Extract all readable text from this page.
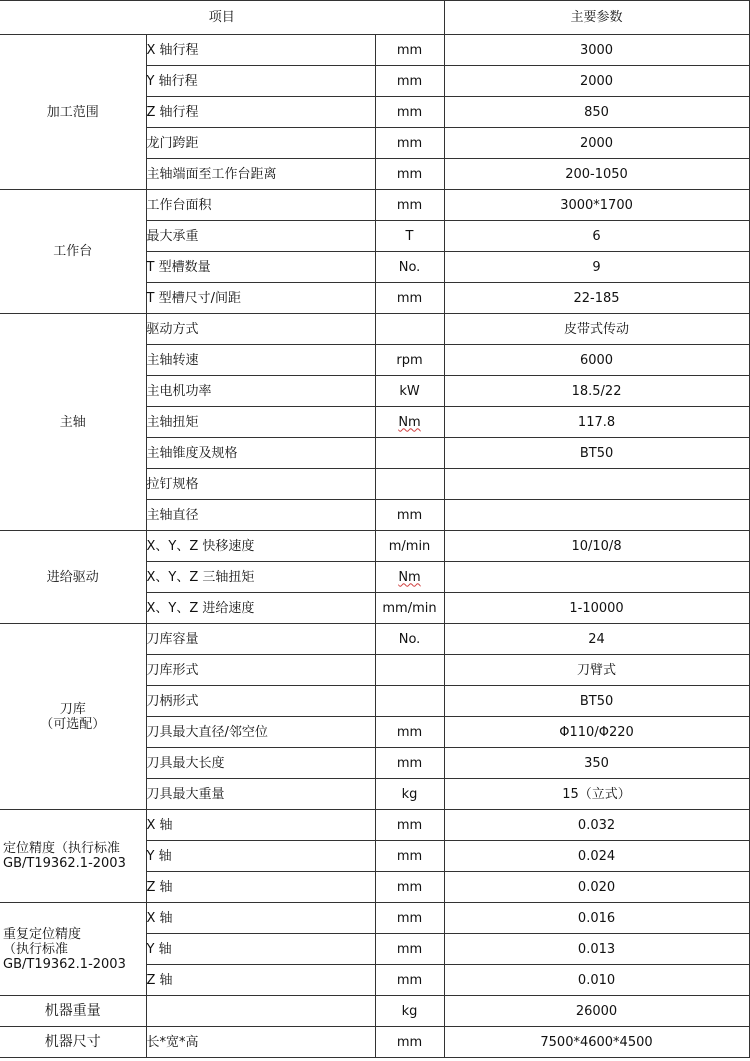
项目			主要参数
加工范围	X 轴行程	mm	3000
	Y 轴行程	mm	2000
	Z 轴行程	mm	850
	龙门跨距	mm	2000
	主轴端面至工作台距离	mm	200-1050
工作台	工作台面积	mm	3000*1700
	最大承重	T	6
	T 型槽数量	No.	9
	T 型槽尺寸/间距	mm	22-185
主轴	驱动方式		皮带式传动
	主轴转速	rpm	6000
	主电机功率	kW	18.5/22
	主轴扭矩	Nm	117.8
	主轴锥度及规格		BT50
	拉钉规格		
	主轴直径	mm	
进给驱动	X、Y、Z 快移速度	m/min	10/10/8
	X、Y、Z 三轴扭矩	Nm	
	X、Y、Z 进给速度	mm/min	1-10000
刀库
（可选配）	刀库容量	No.	24
	刀库形式		刀臂式
	刀柄形式		BT50
	刀具最大直径/邻空位	mm	Φ110/Φ220
	刀具最大长度	mm	350
	刀具最大重量	kg	15（立式）
定位精度（执行标准
GB/T19362.1-2003	X 轴	mm	0.032
	Y 轴	mm	0.024
	Z 轴	mm	0.020
重复定位精度
（执行标准
GB/T19362.1-2003	X 轴	mm	0.016
	Y 轴	mm	0.013
	Z 轴	mm	0.010
机器重量		kg	26000
机器尺寸	长*宽*高	mm	7500*4600*4500
